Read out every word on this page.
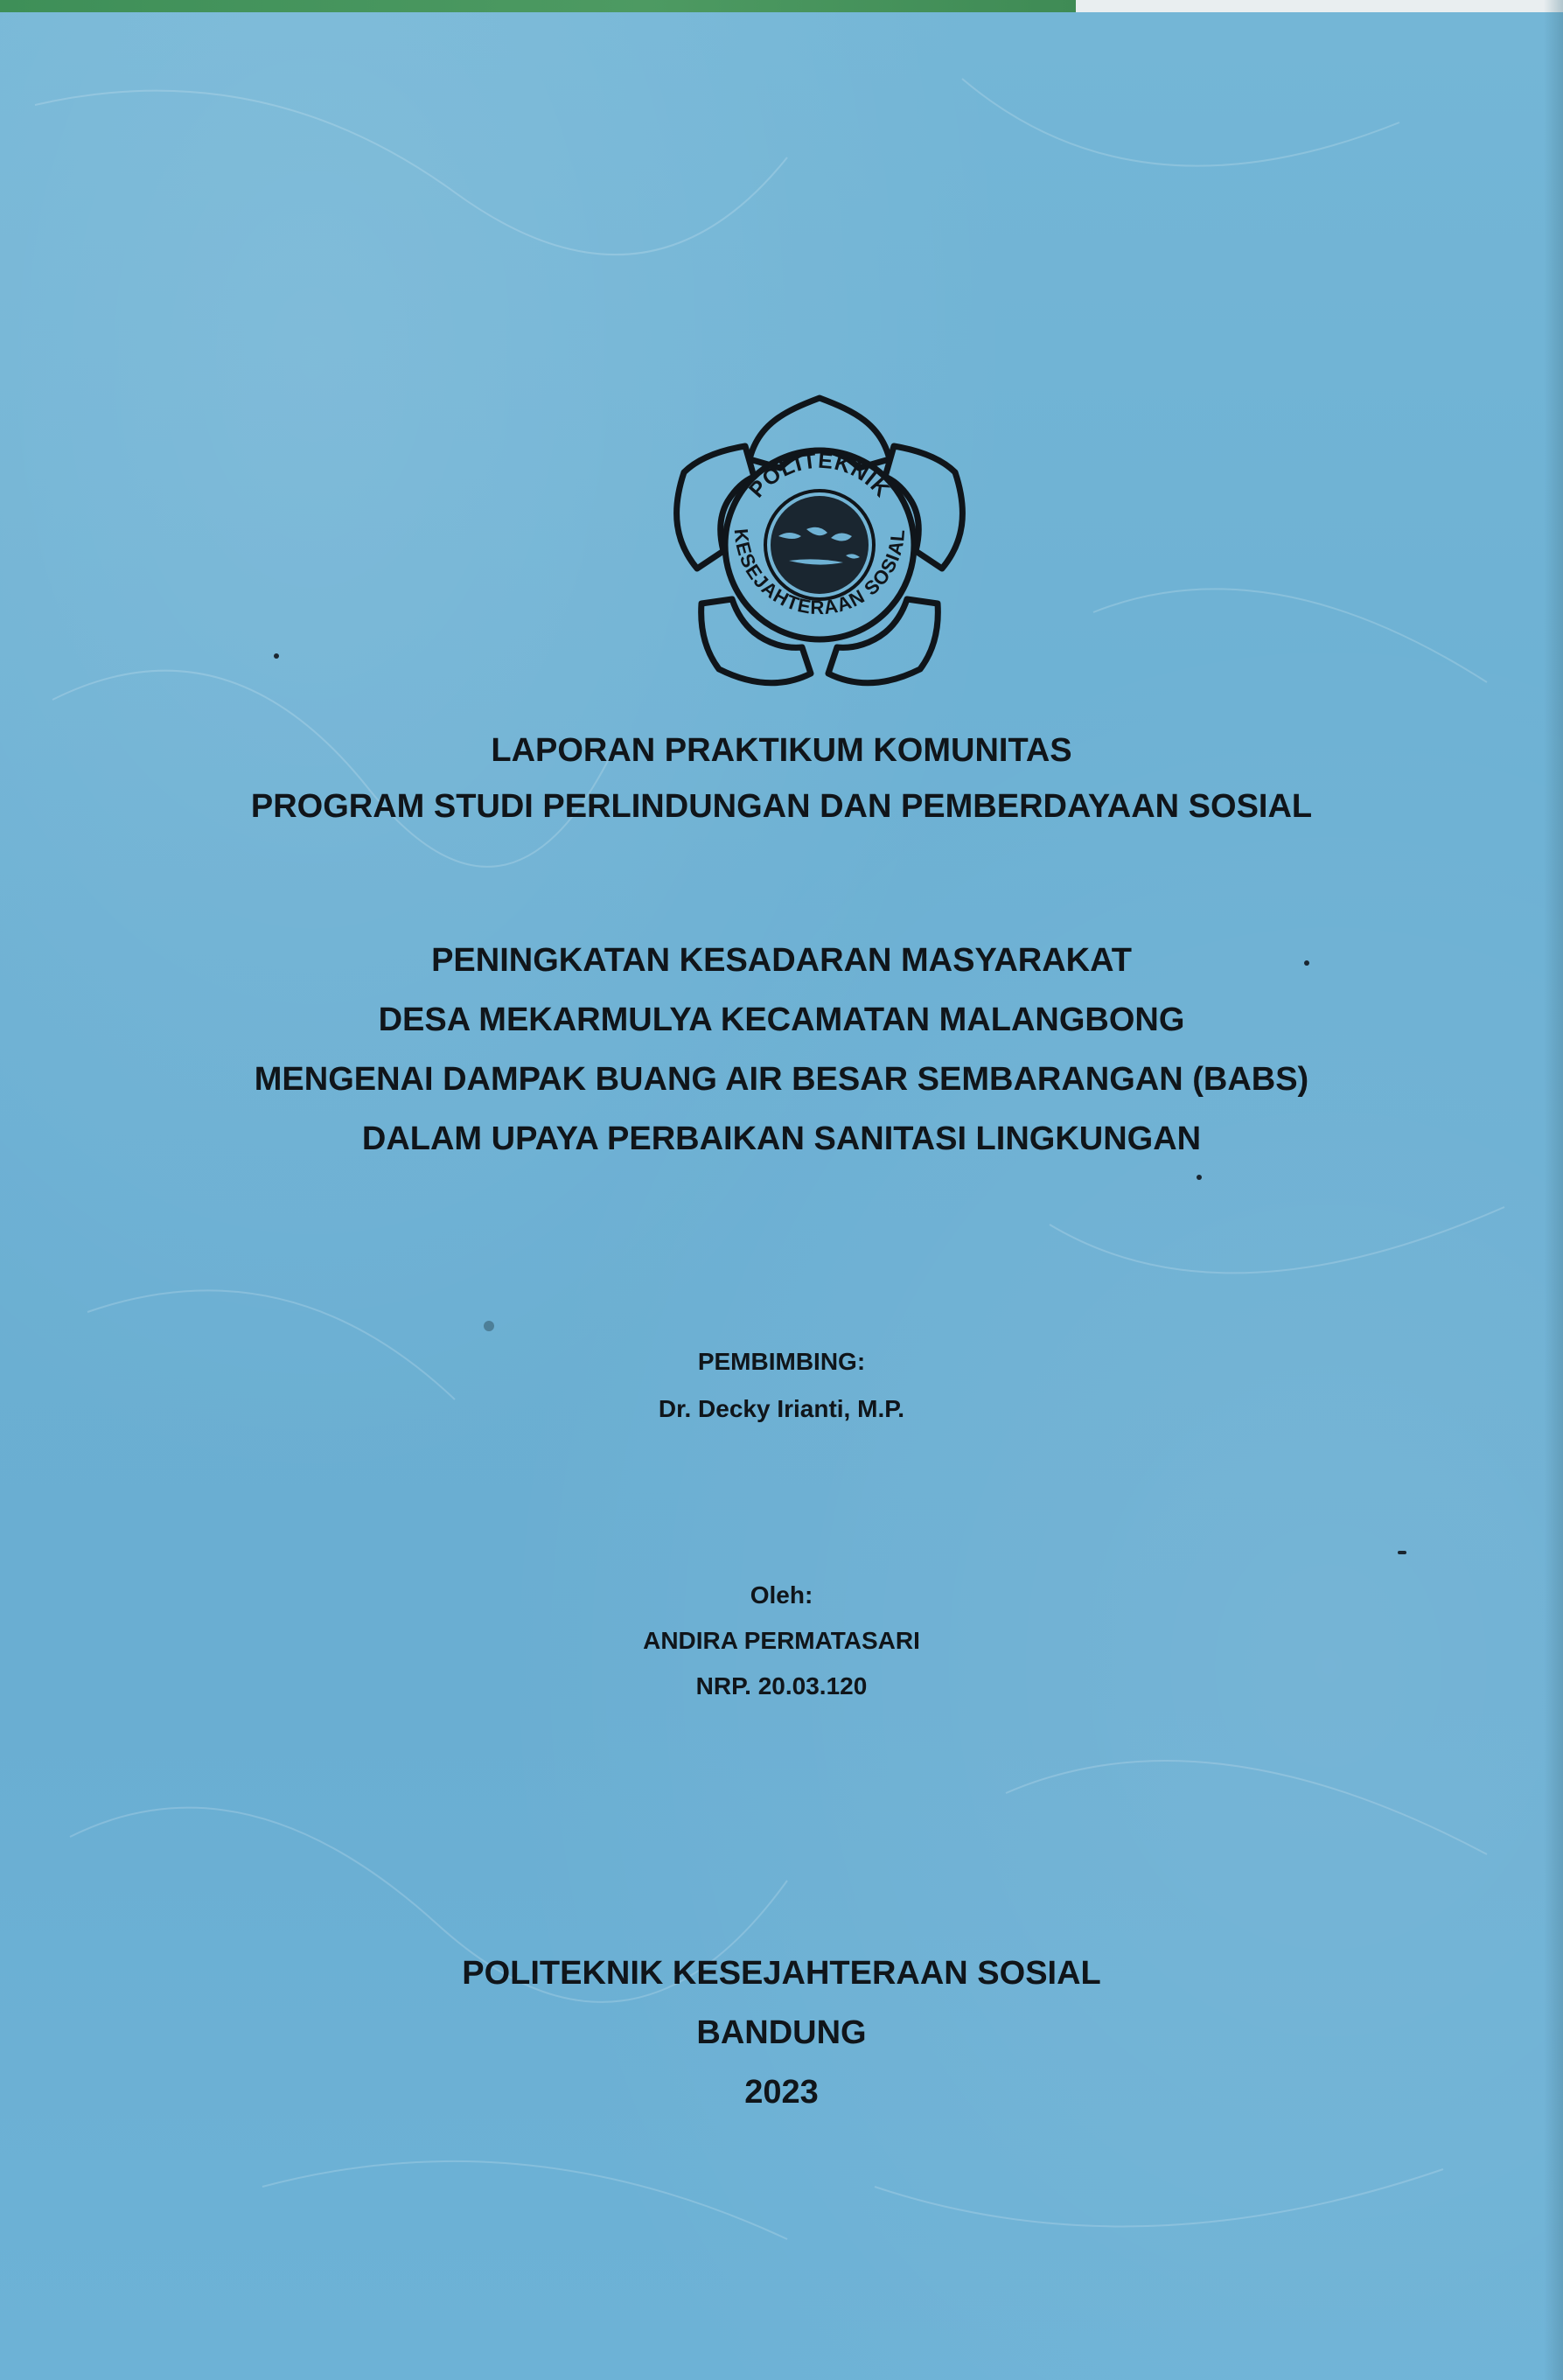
POLITEKNIK
KESEJAHTERAAN SOSIAL
LAPORAN PRAKTIKUM KOMUNITAS
PROGRAM STUDI PERLINDUNGAN DAN PEMBERDAYAAN SOSIAL
PENINGKATAN KESADARAN MASYARAKAT
DESA MEKARMULYA KECAMATAN MALANGBONG
MENGENAI DAMPAK BUANG AIR BESAR SEMBARANGAN (BABS)
DALAM UPAYA PERBAIKAN SANITASI LINGKUNGAN
PEMBIMBING:
Dr. Decky Irianti, M.P.
Oleh:
ANDIRA PERMATASARI
NRP. 20.03.120
POLITEKNIK KESEJAHTERAAN SOSIAL
BANDUNG
2023
